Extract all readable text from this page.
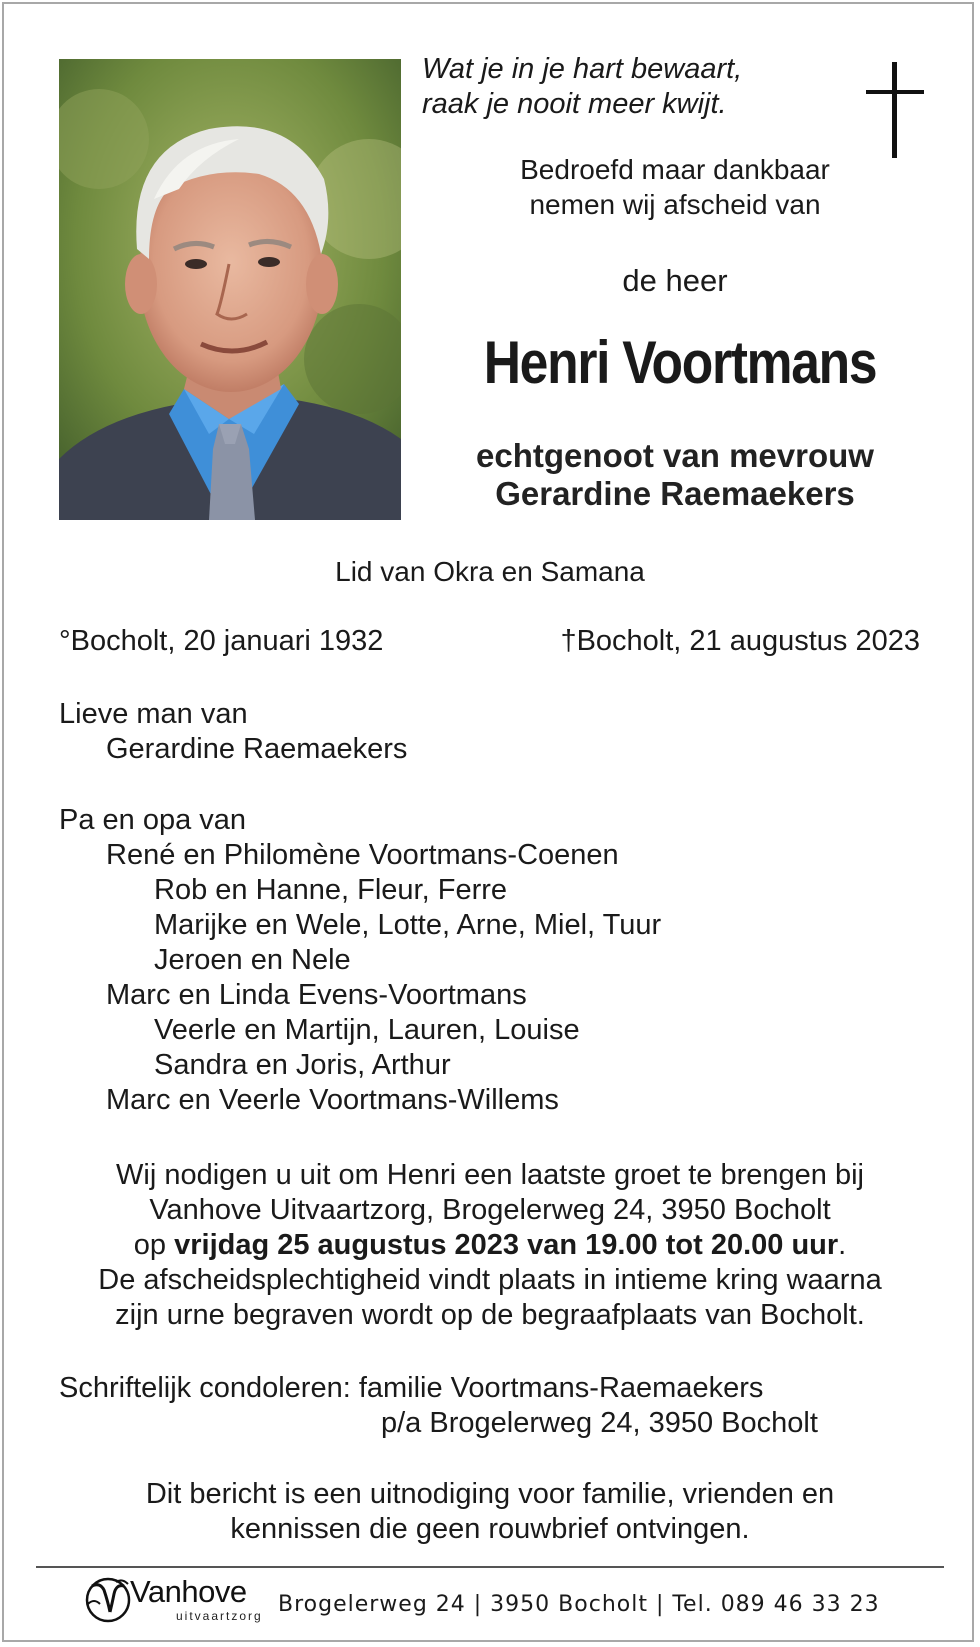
Wat je in je hart bewaart,
raak je nooit meer kwijt.
Bedroefd maar dankbaar
nemen wij afscheid van
de heer
Henri Voortmans
echtgenoot van mevrouw
Gerardine Raemaekers
Lid van Okra en Samana
°Bocholt, 20 januari 1932	†Bocholt, 21 augustus 2023
Lieve man van
Gerardine Raemaekers
Pa en opa van
René en Philomène Voortmans-Coenen
Rob en Hanne, Fleur, Ferre
Marijke en Wele, Lotte, Arne, Miel, Tuur
Jeroen en Nele
Marc en Linda Evens-Voortmans
Veerle en Martijn, Lauren, Louise
Sandra en Joris, Arthur
Marc en Veerle Voortmans-Willems
Wij nodigen u uit om Henri een laatste groet te brengen bij
Vanhove Uitvaartzorg, Brogelerweg 24, 3950 Bocholt
op vrijdag 25 augustus 2023 van 19.00 tot 20.00 uur.
De afscheidsplechtigheid vindt plaats in intieme kring waarna
zijn urne begraven wordt op de begraafplaats van Bocholt.
Schriftelijk condoleren: familie Voortmans-Raemaekers
p/a Brogelerweg 24, 3950 Bocholt
Dit bericht is een uitnodiging voor familie, vrienden en
kennissen die geen rouwbrief ontvingen.
Vanhove
uitvaartzorg Brogelerweg 24 | 3950 Bocholt | Tel. 089 46 33 23
